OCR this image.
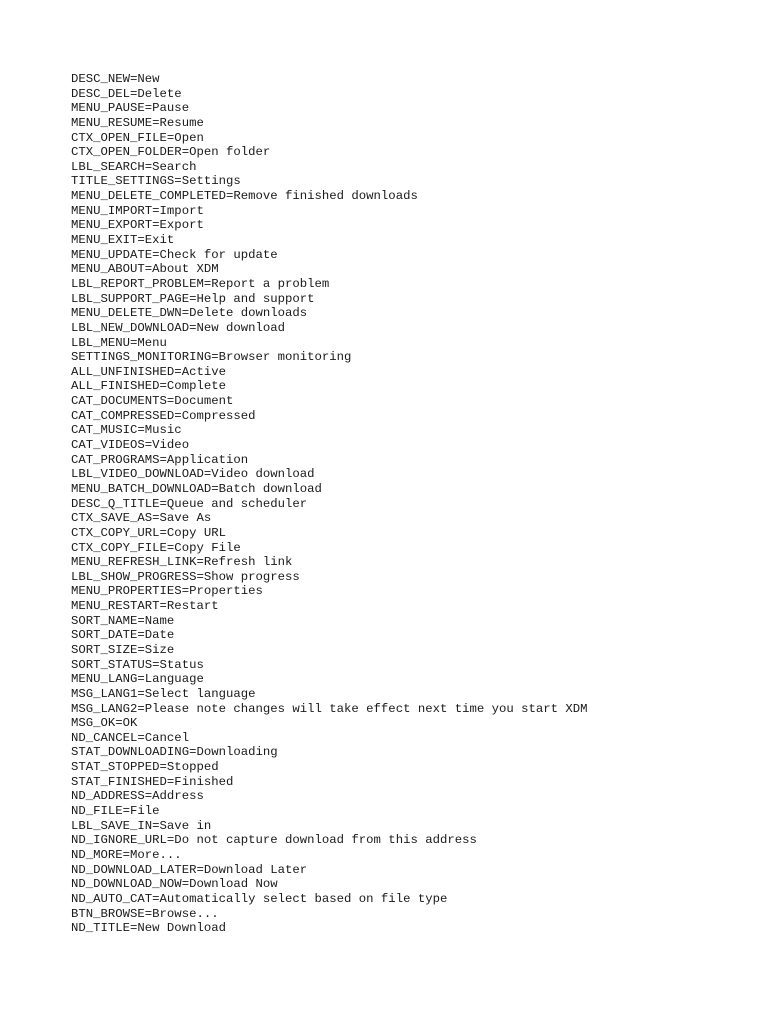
DESC_NEW=New
DESC_DEL=Delete
MENU_PAUSE=Pause
MENU_RESUME=Resume
CTX_OPEN_FILE=Open
CTX_OPEN_FOLDER=Open folder
LBL_SEARCH=Search
TITLE_SETTINGS=Settings
MENU_DELETE_COMPLETED=Remove finished downloads
MENU_IMPORT=Import
MENU_EXPORT=Export
MENU_EXIT=Exit
MENU_UPDATE=Check for update
MENU_ABOUT=About XDM
LBL_REPORT_PROBLEM=Report a problem
LBL_SUPPORT_PAGE=Help and support
MENU_DELETE_DWN=Delete downloads
LBL_NEW_DOWNLOAD=New download
LBL_MENU=Menu
SETTINGS_MONITORING=Browser monitoring
ALL_UNFINISHED=Active
ALL_FINISHED=Complete
CAT_DOCUMENTS=Document
CAT_COMPRESSED=Compressed
CAT_MUSIC=Music
CAT_VIDEOS=Video
CAT_PROGRAMS=Application
LBL_VIDEO_DOWNLOAD=Video download
MENU_BATCH_DOWNLOAD=Batch download
DESC_Q_TITLE=Queue and scheduler
CTX_SAVE_AS=Save As
CTX_COPY_URL=Copy URL
CTX_COPY_FILE=Copy File
MENU_REFRESH_LINK=Refresh link
LBL_SHOW_PROGRESS=Show progress
MENU_PROPERTIES=Properties
MENU_RESTART=Restart
SORT_NAME=Name
SORT_DATE=Date
SORT_SIZE=Size
SORT_STATUS=Status
MENU_LANG=Language
MSG_LANG1=Select language
MSG_LANG2=Please note changes will take effect next time you start XDM
MSG_OK=OK
ND_CANCEL=Cancel
STAT_DOWNLOADING=Downloading
STAT_STOPPED=Stopped
STAT_FINISHED=Finished
ND_ADDRESS=Address
ND_FILE=File
LBL_SAVE_IN=Save in
ND_IGNORE_URL=Do not capture download from this address
ND_MORE=More...
ND_DOWNLOAD_LATER=Download Later
ND_DOWNLOAD_NOW=Download Now
ND_AUTO_CAT=Automatically select based on file type
BTN_BROWSE=Browse...
ND_TITLE=New Download
